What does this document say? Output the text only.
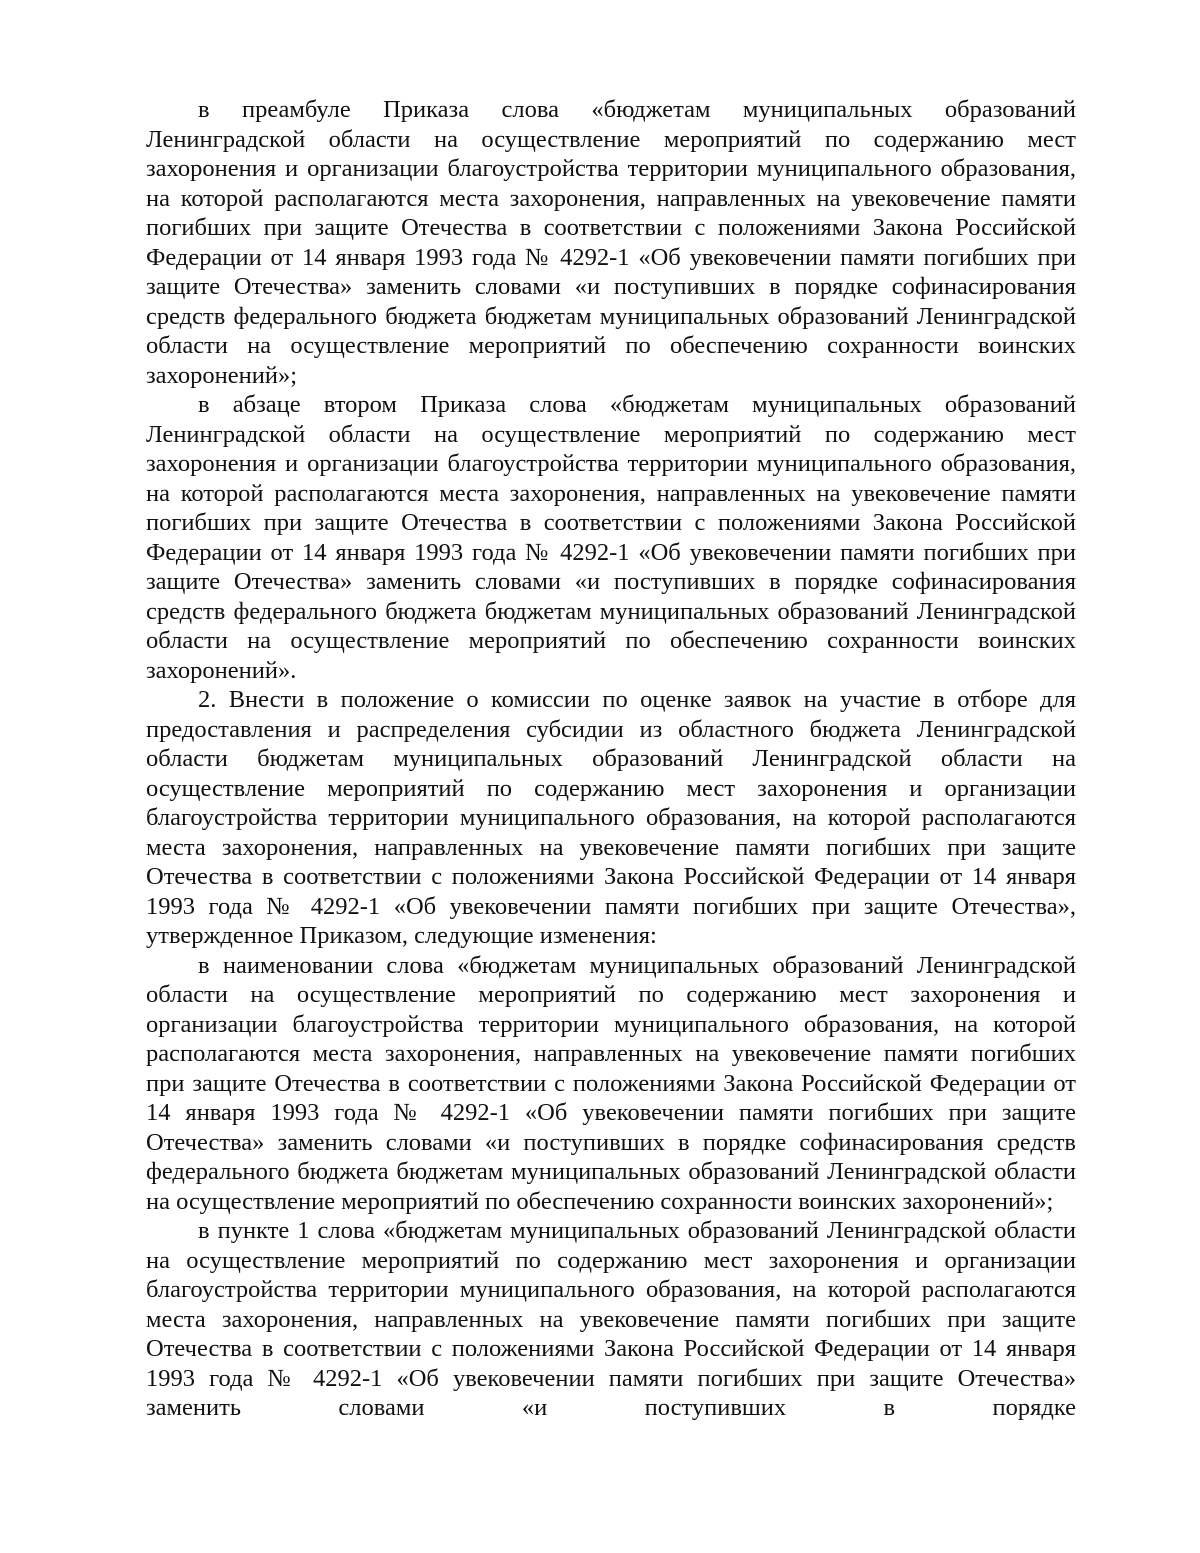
в преамбуле Приказа слова «бюджетам муниципальных образований Ленинградской области на осуществление мероприятий по содержанию мест захоронения и организации благоустройства территории муниципального образования, на которой располагаются места захоронения, направленных на увековечение памяти погибших при защите Отечества в соответствии с положениями Закона Российской Федерации от 14 января 1993 года № 4292-1 «Об увековечении памяти погибших при защите Отечества» заменить словами «и поступивших в порядке софинасирования средств федерального бюджета бюджетам муниципальных образований Ленинградской области на осуществление мероприятий по обеспечению сохранности воинских захоронений»;

в абзаце втором Приказа слова «бюджетам муниципальных образований Ленинградской области на осуществление мероприятий по содержанию мест захоронения и организации благоустройства территории муниципального образования, на которой располагаются места захоронения, направленных на увековечение памяти погибших при защите Отечества в соответствии с положениями Закона Российской Федерации от 14 января 1993 года № 4292-1 «Об увековечении памяти погибших при защите Отечества» заменить словами «и поступивших в порядке софинасирования средств федерального бюджета бюджетам муниципальных образований Ленинградской области на осуществление мероприятий по обеспечению сохранности воинских захоронений».

2. Внести в положение о комиссии по оценке заявок на участие в отборе для предоставления и распределения субсидии из областного бюджета Ленинградской области бюджетам муниципальных образований Ленинградской области на осуществление мероприятий по содержанию мест захоронения и организации благоустройства территории муниципального образования, на которой располагаются места захоронения, направленных на увековечение памяти погибших при защите Отечества в соответствии с положениями Закона Российской Федерации от 14 января 1993 года № 4292-1 «Об увековечении памяти погибших при защите Отечества», утвержденное Приказом, следующие изменения:

в наименовании слова «бюджетам муниципальных образований Ленинградской области на осуществление мероприятий по содержанию мест захоронения и организации благоустройства территории муниципального образования, на которой располагаются места захоронения, направленных на увековечение памяти погибших при защите Отечества в соответствии с положениями Закона Российской Федерации от 14 января 1993 года № 4292-1 «Об увековечении памяти погибших при защите Отечества» заменить словами «и поступивших в порядке софинасирования средств федерального бюджета бюджетам муниципальных образований Ленинградской области на осуществление мероприятий по обеспечению сохранности воинских захоронений»;

в пункте 1 слова «бюджетам муниципальных образований Ленинградской области на осуществление мероприятий по содержанию мест захоронения и организации благоустройства территории муниципального образования, на которой располагаются места захоронения, направленных на увековечение памяти погибших при защите Отечества в соответствии с положениями Закона Российской Федерации от 14 января 1993 года № 4292-1 «Об увековечении памяти погибших при защите Отечества» заменить словами «и поступивших в порядке
